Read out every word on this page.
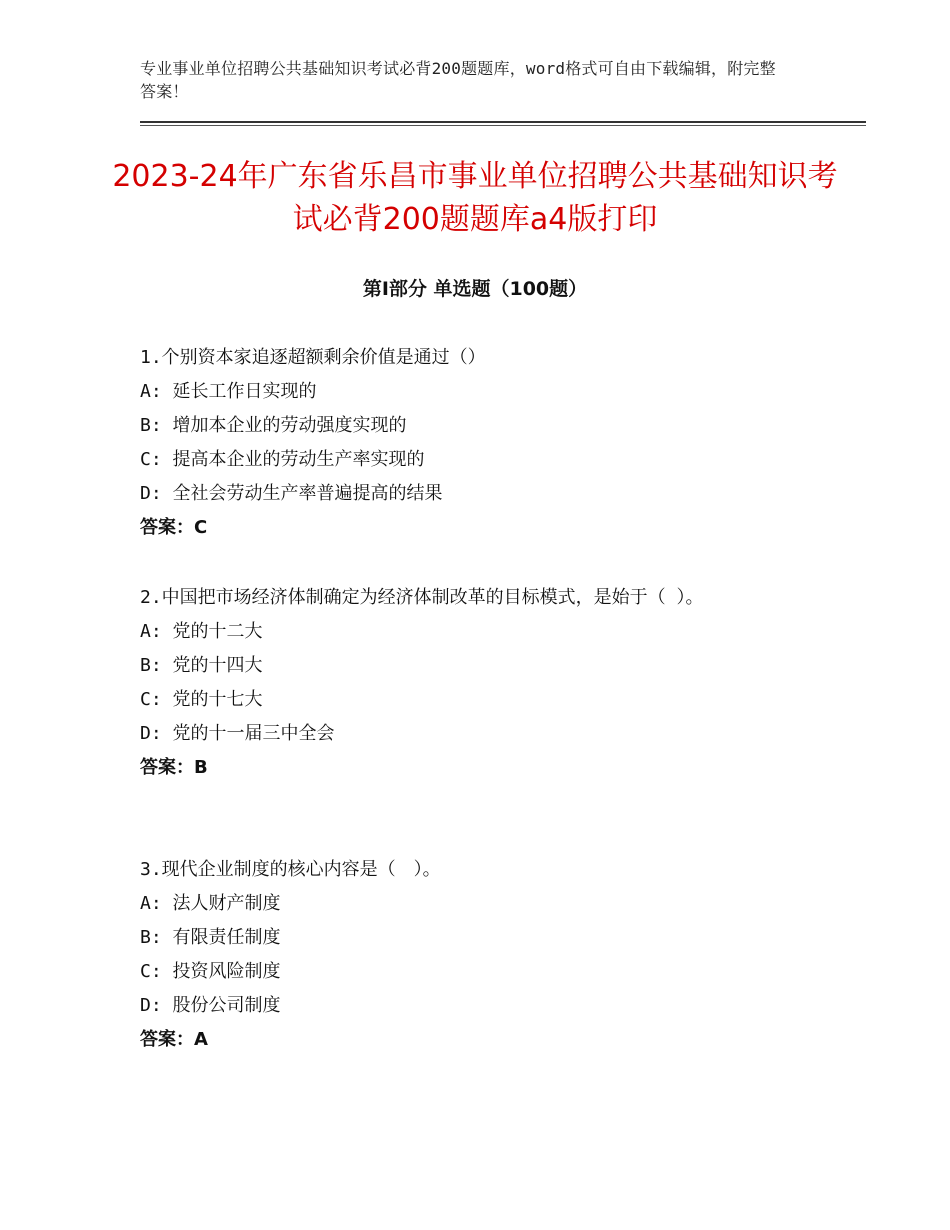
专业事业单位招聘公共基础知识考试必背200题题库，word格式可自由下载编辑，附完整答案！
2023-24年广东省乐昌市事业单位招聘公共基础知识考试必背200题题库a4版打印
第Ⅰ部分 单选题（100题）

1.个别资本家追逐超额剩余价值是通过（）

A: 延长工作日实现的

B: 增加本企业的劳动强度实现的

C: 提高本企业的劳动生产率实现的

D: 全社会劳动生产率普遍提高的结果

答案：C

2.中国把市场经济体制确定为经济体制改革的目标模式，是始于（ ）。

A: 党的十二大

B: 党的十四大

C: 党的十七大

D: 党的十一届三中全会

答案：B

3.现代企业制度的核心内容是（　）。

A: 法人财产制度

B: 有限责任制度

C: 投资风险制度

D: 股份公司制度

答案：A
